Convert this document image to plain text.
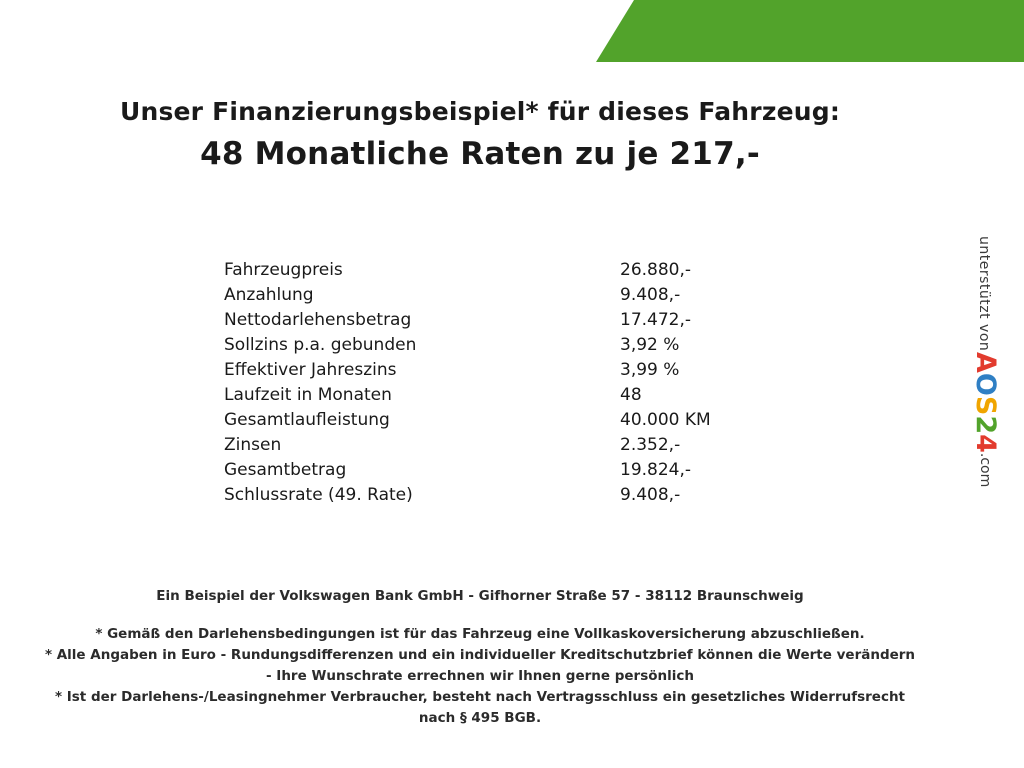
FESER GRAF 1VDV-15764
Unser Finanzierungsbeispiel* für dieses Fahrzeug:
48 Monatliche Raten zu je 217,-
Fahrzeugpreis	26.880,-
Anzahlung	9.408,-
Nettodarlehensbetrag	17.472,-
Sollzins p.a. gebunden	3,92 %
Effektiver Jahreszins	3,99 %
Laufzeit in Monaten	48
Gesamtlaufleistung	40.000 KM
Zinsen	2.352,-
Gesamtbetrag	19.824,-
Schlussrate (49. Rate)	9.408,-
Ein Beispiel der Volkswagen Bank GmbH - Gifhorner Straße 57 - 38112 Braunschweig
* Gemäß den Darlehensbedingungen ist für das Fahrzeug eine Vollkaskoversicherung abzuschließen.
* Alle Angaben in Euro - Rundungsdifferenzen und ein individueller Kreditschutzbrief können die Werte verändern
- Ihre Wunschrate errechnen wir Ihnen gerne persönlich
* Ist der Darlehens-/Leasingnehmer Verbraucher, besteht nach Vertragsschluss ein gesetzliches Widerrufsrecht
nach § 495 BGB.
unterstützt von
AOS24.com
